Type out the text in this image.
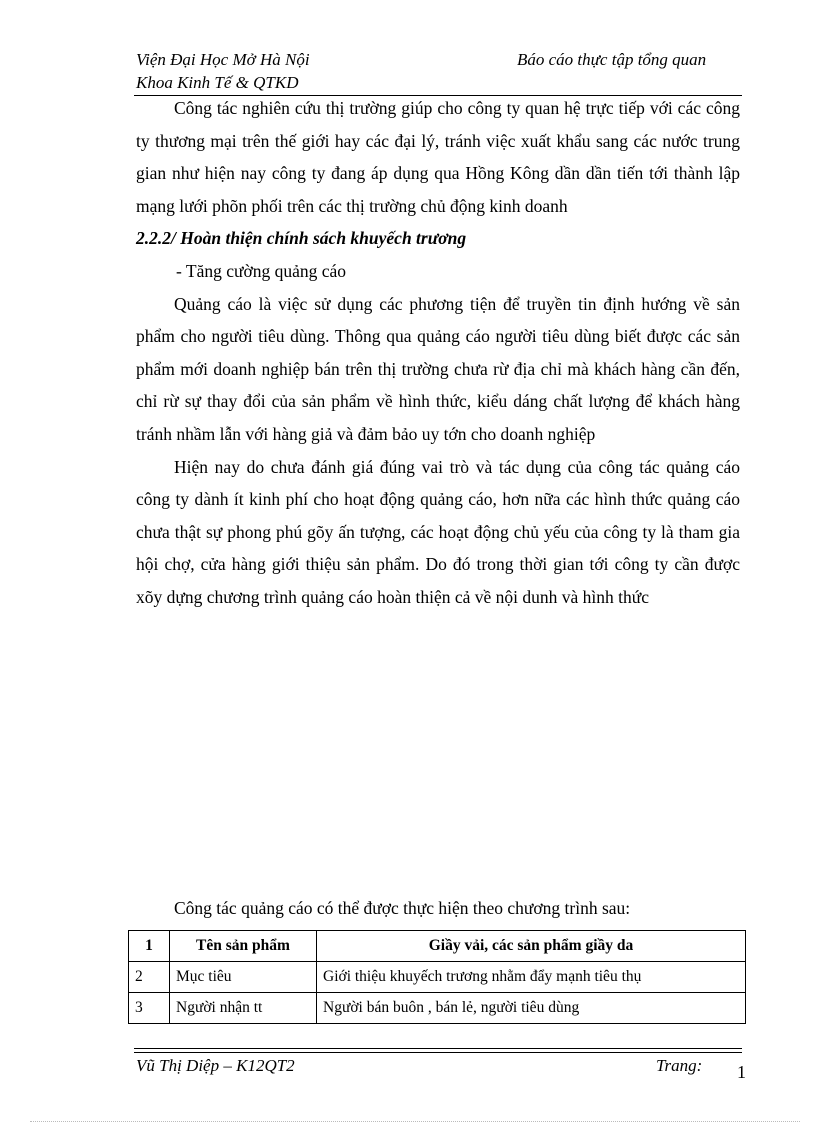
Viện Đại Học Mở Hà Nội
Khoa Kinh Tế & QTKD
Báo cáo thực tập tổng quan

Công tác nghiên cứu thị trường giúp cho công ty quan hệ trực tiếp với các công ty thương mại trên thế giới hay các đại lý, tránh việc xuất khẩu sang các nước trung gian như hiện nay công ty đang áp dụng qua Hồng Kông dần dần tiến tới thành lập mạng lưới phõn phối trên các thị trường chủ động kinh doanh

2.2.2/ Hoàn thiện chính sách khuyếch trương

- Tăng cường quảng cáo

Quảng cáo là việc sử dụng các phương tiện để truyền tin định hướng về sản phẩm cho người tiêu dùng. Thông qua quảng cáo người tiêu dùng biết được các sản phẩm mới doanh nghiệp bán trên thị trường chưa rừ địa chỉ mà khách hàng cần đến, chỉ rừ sự thay đổi của sản phẩm về hình thức, kiểu dáng chất lượng để khách hàng tránh nhầm lẫn với hàng giả và đảm bảo uy tớn cho doanh nghiệp

Hiện nay do chưa đánh giá đúng vai trò và tác dụng của công tác quảng cáo công ty dành ít kinh phí cho hoạt động quảng cáo, hơn nữa các hình thức quảng cáo chưa thật sự phong phú gõy ấn tượng, các hoạt động chủ yếu của công ty là tham gia hội chợ, cửa hàng giới thiệu sản phẩm. Do đó trong thời gian tới công ty cần được xõy dựng chương trình quảng cáo hoàn thiện cả về nội dunh và hình thức

Công tác quảng cáo có thể được thực hiện theo chương trình sau:
1	Tên sản phẩm	Giầy vải, các sản phẩm giầy da
2	Mục tiêu	Giới thiệu khuyếch trương nhằm đẩy mạnh tiêu thụ
3	Người nhận tt	Người bán buôn , bán lẻ, người tiêu dùng
Vũ Thị Diệp – K12QT2	Trang: 1
